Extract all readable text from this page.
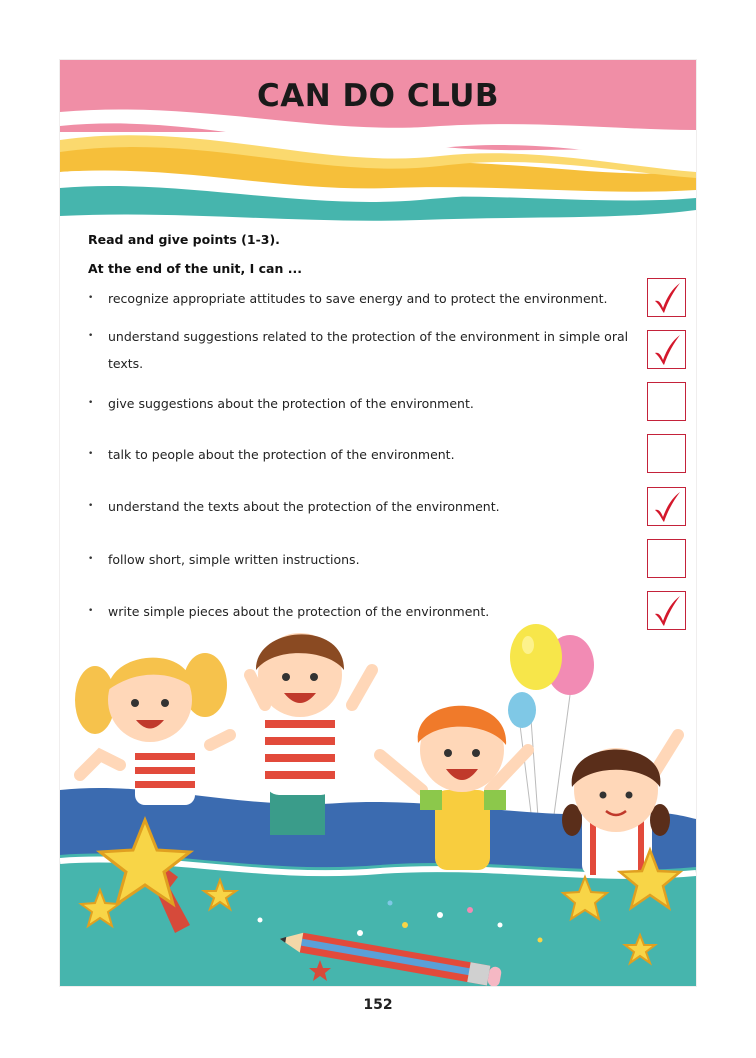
CAN DO CLUB
Read and give points (1-3).
At the end of the unit, I can ...
• recognize appropriate attitudes to save energy and to protect the environment.
• understand suggestions related to the protection of the environment in simple oral texts.
• give suggestions about the protection of the environment.
• talk to people about the protection of the environment.
• understand the texts about the protection of the environment.
• follow short, simple written instructions.
• write simple pieces about the protection of the environment.
152
